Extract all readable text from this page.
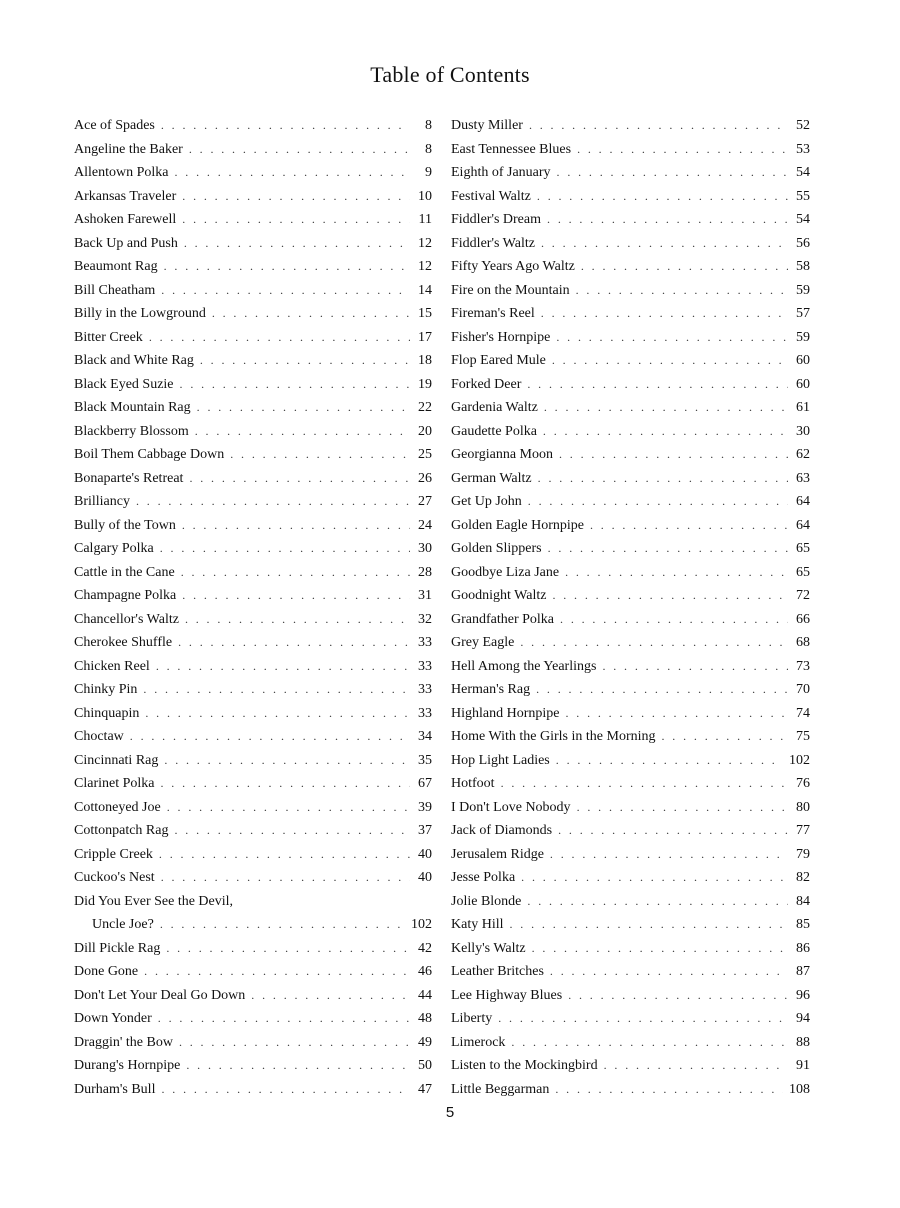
Table of Contents
Ace of Spades . . .	8
Angeline the Baker . . .	8
Allentown Polka . . .	9
Arkansas Traveler . . .	10
Ashoken Farewell . . .	11
Back Up and Push . . .	12
Beaumont Rag . . .	12
Bill Cheatham . . .	14
Billy in the Lowground . . .	15
Bitter Creek . . .	17
Black and White Rag . . .	18
Black Eyed Suzie . . .	19
Black Mountain Rag . . .	22
Blackberry Blossom . . .	20
Boil Them Cabbage Down . . .	25
Bonaparte's Retreat . . .	26
Brilliancy . . .	27
Bully of the Town . . .	24
Calgary Polka . . .	30
Cattle in the Cane . . .	28
Champagne Polka . . .	31
Chancellor's Waltz . . .	32
Cherokee Shuffle . . .	33
Chicken Reel . . .	33
Chinky Pin . . .	33
Chinquapin . . .	33
Choctaw . . .	34
Cincinnati Rag . . .	35
Clarinet Polka . . .	67
Cottoneyed Joe . . .	39
Cottonpatch Rag . . .	37
Cripple Creek . . .	40
Cuckoo's Nest . . .	40
Did You Ever See the Devil,
Uncle Joe? . . .	102
Dill Pickle Rag . . .	42
Done Gone . . .	46
Don't Let Your Deal Go Down . . .	44
Down Yonder . . .	48
Draggin' the Bow . . .	49
Durang's Hornpipe . . .	50
Durham's Bull . . .	47
Dusty Miller . . .	52
East Tennessee Blues . . .	53
Eighth of January . . .	54
Festival Waltz . . .	55
Fiddler's Dream . . .	54
Fiddler's Waltz . . .	56
Fifty Years Ago Waltz . . .	58
Fire on the Mountain . . .	59
Fireman's Reel . . .	57
Fisher's Hornpipe . . .	59
Flop Eared Mule . . .	60
Forked Deer . . .	60
Gardenia Waltz . . .	61
Gaudette Polka . . .	30
Georgianna Moon . . .	62
German Waltz . . .	63
Get Up John . . .	64
Golden Eagle Hornpipe . . .	64
Golden Slippers . . .	65
Goodbye Liza Jane . . .	65
Goodnight Waltz . . .	72
Grandfather Polka . . .	66
Grey Eagle . . .	68
Hell Among the Yearlings . . .	73
Herman's Rag . . .	70
Highland Hornpipe . . .	74
Home With the Girls in the Morning . . .	75
Hop Light Ladies . . .	102
Hotfoot . . .	76
I Don't Love Nobody . . .	80
Jack of Diamonds . . .	77
Jerusalem Ridge . . .	79
Jesse Polka . . .	82
Jolie Blonde . . .	84
Katy Hill . . .	85
Kelly's Waltz . . .	86
Leather Britches . . .	87
Lee Highway Blues . . .	96
Liberty . . .	94
Limerock . . .	88
Listen to the Mockingbird . . .	91
Little Beggarman . . .	108
5
